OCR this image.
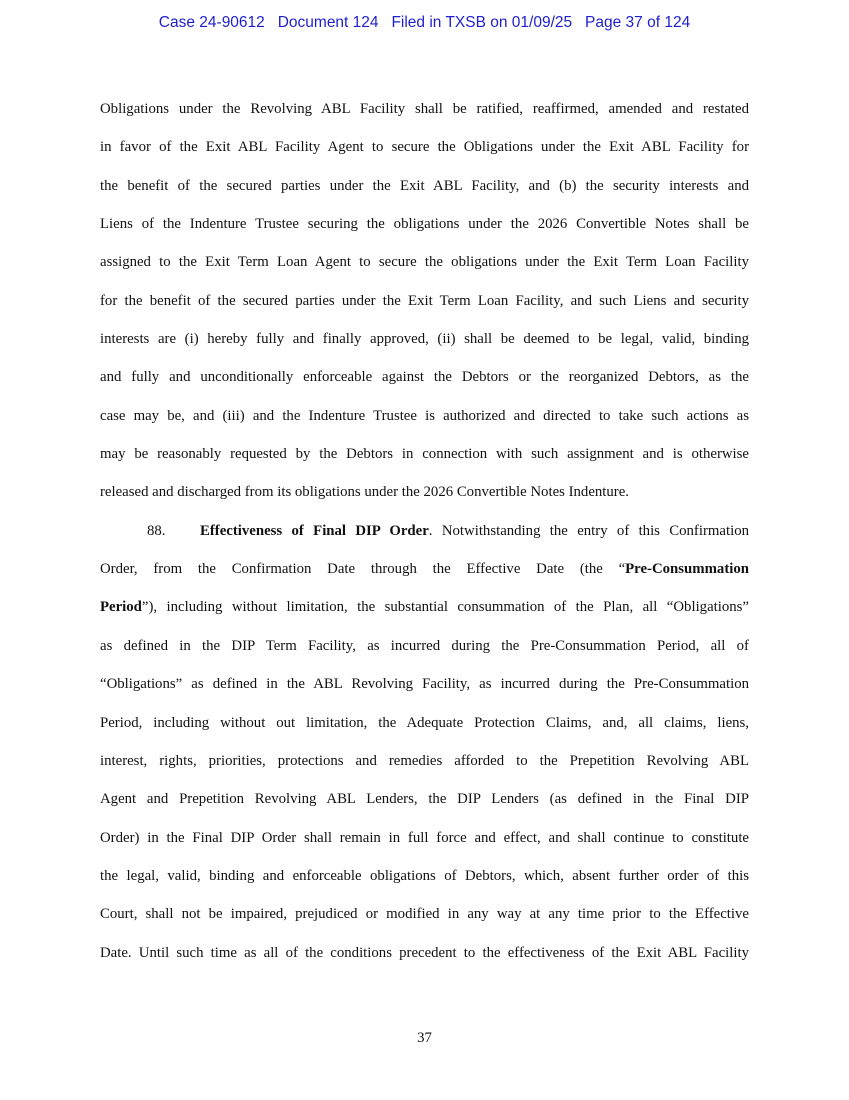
Case 24-90612 Document 124 Filed in TXSB on 01/09/25 Page 37 of 124
Obligations under the Revolving ABL Facility shall be ratified, reaffirmed, amended and restated
in favor of the Exit ABL Facility Agent to secure the Obligations under the Exit ABL Facility for
the benefit of the secured parties under the Exit ABL Facility, and (b) the security interests and
Liens of the Indenture Trustee securing the obligations under the 2026 Convertible Notes shall be
assigned to the Exit Term Loan Agent to secure the obligations under the Exit Term Loan Facility
for the benefit of the secured parties under the Exit Term Loan Facility, and such Liens and security
interests are (i) hereby fully and finally approved, (ii) shall be deemed to be legal, valid, binding
and fully and unconditionally enforceable against the Debtors or the reorganized Debtors, as the
case may be, and (iii) and the Indenture Trustee is authorized and directed to take such actions as
may be reasonably requested by the Debtors in connection with such assignment and is otherwise
released and discharged from its obligations under the 2026 Convertible Notes Indenture.
88. Effectiveness of Final DIP Order. Notwithstanding the entry of this Confirmation
Order, from the Confirmation Date through the Effective Date (the “Pre-Consummation
Period”), including without limitation, the substantial consummation of the Plan, all “Obligations”
as defined in the DIP Term Facility, as incurred during the Pre-Consummation Period, all of
“Obligations” as defined in the ABL Revolving Facility, as incurred during the Pre-Consummation
Period, including without out limitation, the Adequate Protection Claims, and, all claims, liens,
interest, rights, priorities, protections and remedies afforded to the Prepetition Revolving ABL
Agent and Prepetition Revolving ABL Lenders, the DIP Lenders (as defined in the Final DIP
Order) in the Final DIP Order shall remain in full force and effect, and shall continue to constitute
the legal, valid, binding and enforceable obligations of Debtors, which, absent further order of this
Court, shall not be impaired, prejudiced or modified in any way at any time prior to the Effective
Date. Until such time as all of the conditions precedent to the effectiveness of the Exit ABL Facility
37
